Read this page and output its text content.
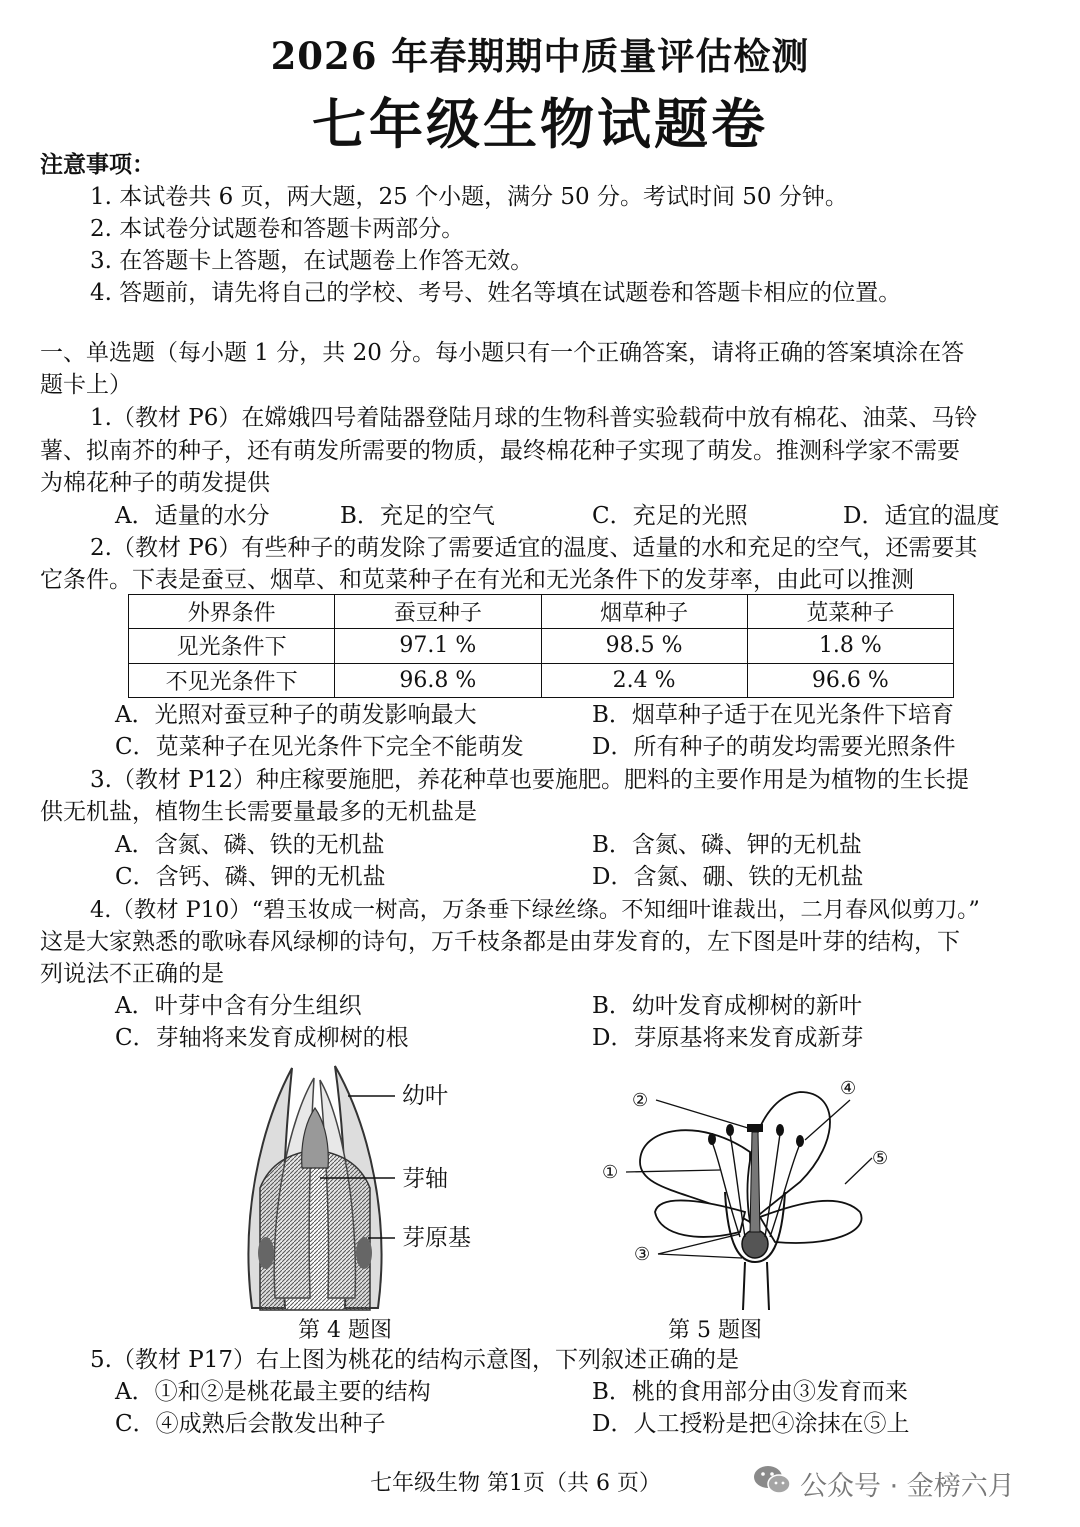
2026 年春期期中质量评估检测
七年级生物试题卷
注意事项：
1. 本试卷共 6 页，两大题，25 个小题，满分 50 分。考试时间 50 分钟。
2. 本试卷分试题卷和答题卡两部分。
3. 在答题卡上答题，在试题卷上作答无效。
4. 答题前，请先将自己的学校、考号、姓名等填在试题卷和答题卡相应的位置。
一、单选题（每小题 1 分，共 20 分。每小题只有一个正确答案，请将正确的答案填涂在答
题卡上）
1.（教材 P6）在嫦娥四号着陆器登陆月球的生物科普实验载荷中放有棉花、油菜、马铃
薯、拟南芥的种子，还有萌发所需要的物质，最终棉花种子实现了萌发。推测科学家不需要
为棉花种子的萌发提供
A．适量的水分	B．充足的空气	C．充足的光照	D．适宜的温度
2.（教材 P6）有些种子的萌发除了需要适宜的温度、适量的水和充足的空气，还需要其
它条件。下表是蚕豆、烟草、和苋菜种子在有光和无光条件下的发芽率，由此可以推测
外界条件	蚕豆种子	烟草种子	苋菜种子
见光条件下	97.1 %	98.5 %	1.8 %
不见光条件下	96.8 %	2.4 %	96.6 %
A．光照对蚕豆种子的萌发影响最大	B．烟草种子适于在见光条件下培育
C．苋菜种子在见光条件下完全不能萌发	D．所有种子的萌发均需要光照条件
3.（教材 P12）种庄稼要施肥，养花种草也要施肥。肥料的主要作用是为植物的生长提
供无机盐，植物生长需要量最多的无机盐是
A．含氮、磷、铁的无机盐	B．含氮、磷、钾的无机盐
C．含钙、磷、钾的无机盐	D．含氮、硼、铁的无机盐
4.（教材 P10）“碧玉妆成一树高，万条垂下绿丝绦。不知细叶谁裁出，二月春风似剪刀。”
这是大家熟悉的歌咏春风绿柳的诗句，万千枝条都是由芽发育的，左下图是叶芽的结构，下
列说法不正确的是
A．叶芽中含有分生组织	B．幼叶发育成柳树的新叶
C．芽轴将来发育成柳树的根	D．芽原基将来发育成新芽
幼叶
芽轴
芽原基
第 4 题图
②
④
①
⑤
③
第 5 题图
5.（教材 P17）右上图为桃花的结构示意图，下列叙述正确的是
A．①和②是桃花最主要的结构	B．桃的食用部分由③发育而来
C．④成熟后会散发出种子	D．人工授粉是把④涂抹在⑤上
七年级生物 第1页（共 6 页）	公众号 · 金榜六月
